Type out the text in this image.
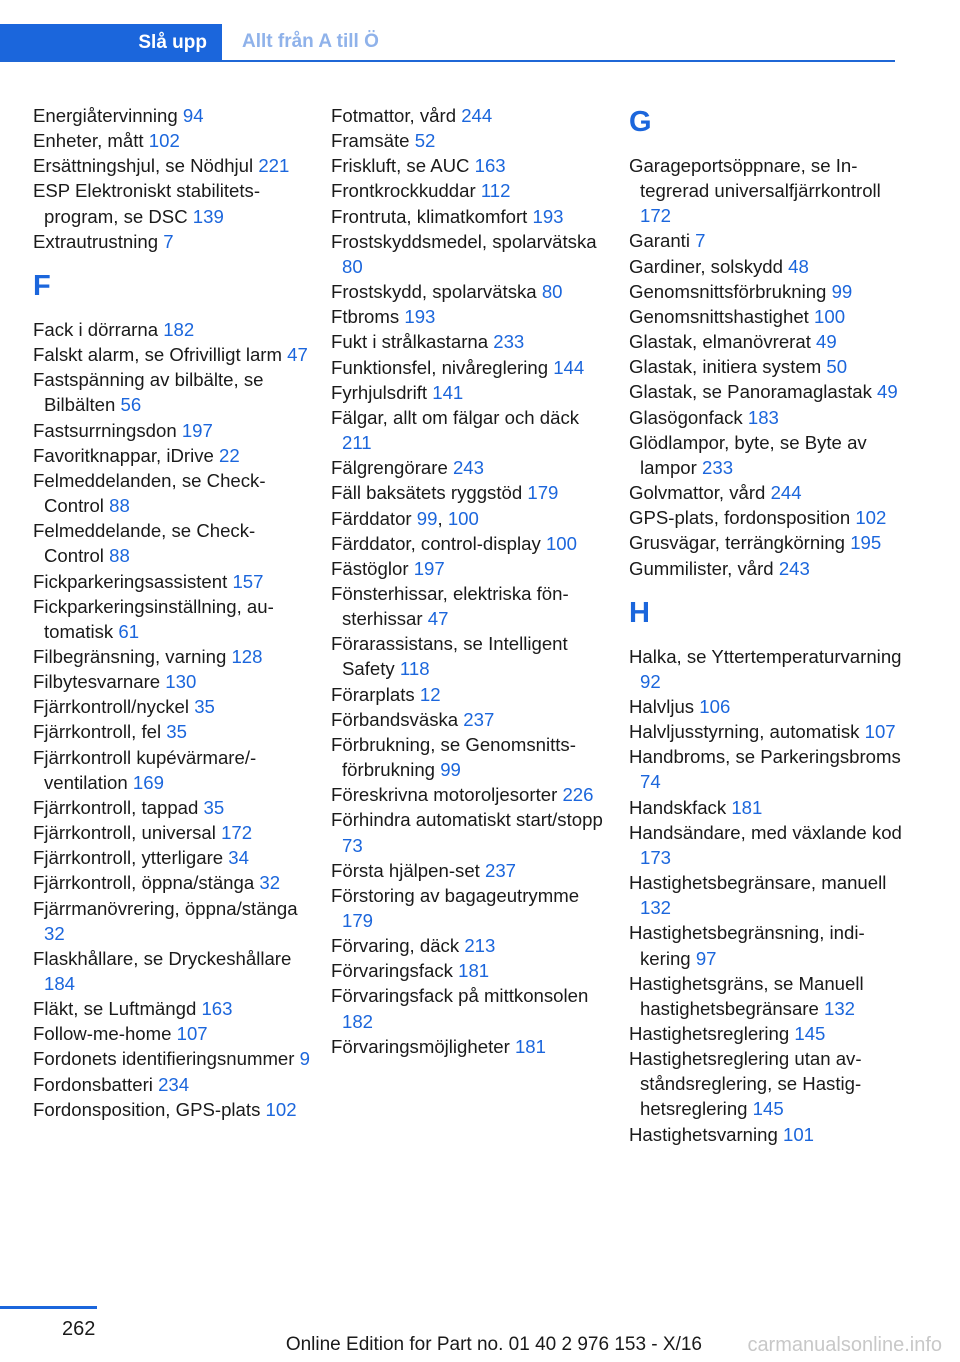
Slå upp	Allt från A till Ö
Energiåtervinning 94
Enheter, mått 102
Ersättningshjul, se Nödhjul 221
ESP Elektroniskt stabilitetsprogram, se DSC 139
Extrautrustning 7
F
Fack i dörrarna 182
Falskt alarm, se Ofrivilligt larm 47
Fastspänning av bilbälte, se Bilbälten 56
Fastsurrningsdon 197
Favoritknappar, iDrive 22
Felmeddelanden, se Check-Control 88
Felmeddelande, se Check-Control 88
Fickparkeringsassistent 157
Fickparkeringsinställning, automatisk 61
Filbegränsning, varning 128
Filbytesvarnare 130
Fjärrkontroll/nyckel 35
Fjärrkontroll, fel 35
Fjärrkontroll kupévärmare/-ventilation 169
Fjärrkontroll, tappad 35
Fjärrkontroll, universal 172
Fjärrkontroll, ytterligare 34
Fjärrkontroll, öppna/stänga 32
Fjärrmanövrering, öppna/stänga 32
Flaskhållare, se Dryckeshållare 184
Fläkt, se Luftmängd 163
Follow-me-home 107
Fordonets identifieringsnummer 9
Fordonsbatteri 234
Fordonsposition, GPS-plats 102
Fotmattor, vård 244
Framsäte 52
Friskluft, se AUC 163
Frontkrockkuddar 112
Frontruta, klimatkomfort 193
Frostskyddsmedel, spolarvätska 80
Frostskydd, spolarvätska 80
Ftbroms 193
Fukt i strålkastarna 233
Funktionsfel, nivåreglering 144
Fyrhjulsdrift 141
Fälgar, allt om fälgar och däck 211
Fälgrengörare 243
Fäll baksätets ryggstöd 179
Färddator 99, 100
Färddator, control-display 100
Fästöglor 197
Fönsterhissar, elektriska fönsterhissar 47
Förarassistans, se Intelligent Safety 118
Förarplats 12
Förbandsväska 237
Förbrukning, se Genomsnittsförbrukning 99
Föreskrivna motoroljesorter 226
Förhindra automatiskt start/stopp 73
Första hjälpen-set 237
Förstoring av bagageutrymme 179
Förvaring, däck 213
Förvaringsfack 181
Förvaringsfack på mittkonsolen 182
Förvaringsmöjligheter 181
G
Garageportsöppnare, se Integrerad universalfjärrkontroll 172
Garanti 7
Gardiner, solskydd 48
Genomsnittsförbrukning 99
Genomsnittshastighet 100
Glastak, elmanövrerat 49
Glastak, initiera system 50
Glastak, se Panoramaglastak 49
Glasögonfack 183
Glödlampor, byte, se Byte av lampor 233
Golvmattor, vård 244
GPS-plats, fordonsposition 102
Grusvägar, terrängkörning 195
Gummilister, vård 243
H
Halka, se Yttertemperaturvarning 92
Halvljus 106
Halvljusstyrning, automatisk 107
Handbroms, se Parkeringsbroms 74
Handskfack 181
Handsändare, med växlande kod 173
Hastighetsbegränsare, manuell 132
Hastighetsbegränsning, indikering 97
Hastighetsgräns, se Manuell hastighetsbegränsare 132
Hastighetsreglering 145
Hastighetsreglering utan avståndsreglering, se Hastighetsreglering 145
Hastighetsvarning 101
262
Online Edition for Part no. 01 40 2 976 153 - X/16 carmanualsonline.info
